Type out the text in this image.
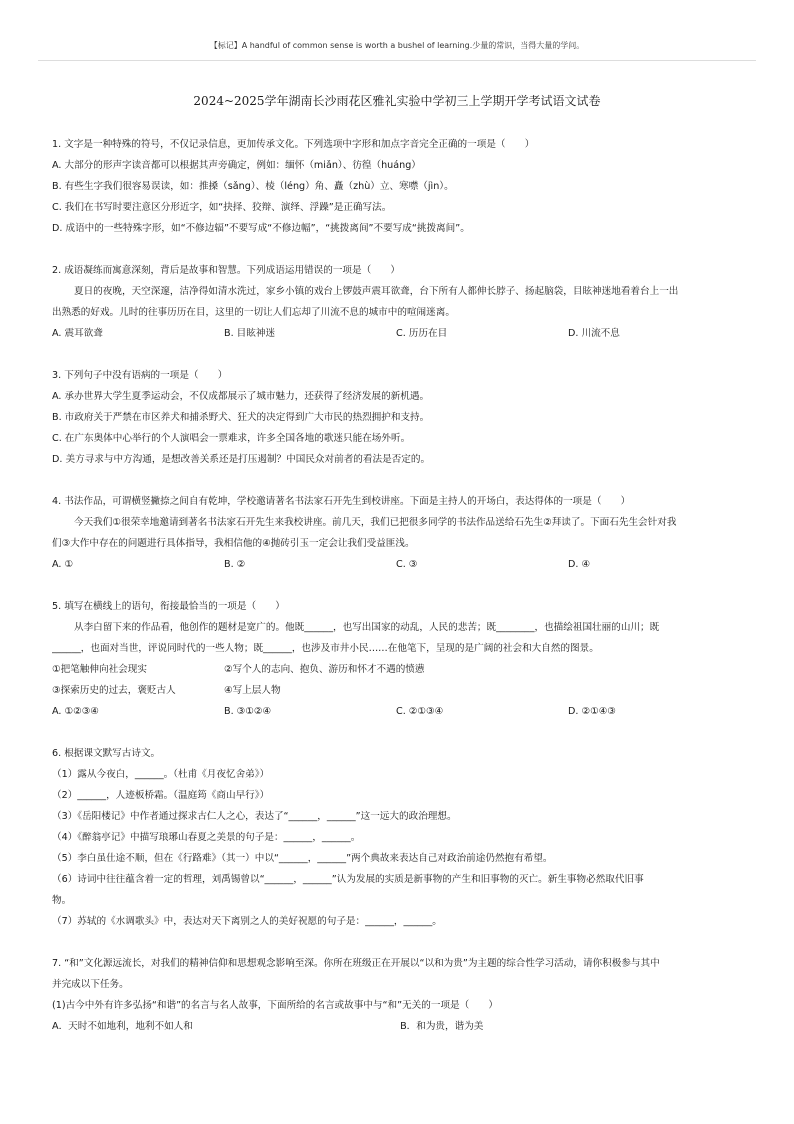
【标记】A handful of common sense is worth a bushel of learning.少量的常识，当得大量的学问。
2024~2025学年湖南长沙雨花区雅礼实验中学初三上学期开学考试语文试卷
1. 文字是一种特殊的符号，不仅记录信息，更加传承文化。下列选项中字形和加点字音完全正确的一项是（　　）
A. 大部分的形声字读音都可以根据其声旁确定，例如：缅怀（miǎn）、彷徨（huáng）
B. 有些生字我们很容易误读，如：推搡（sǎng）、棱（léng）角、矗（zhù）立、寒噤（jìn）。
C. 我们在书写时要注意区分形近字，如“抉择、狡辩、演绎、浮躁”是正确写法。
D. 成语中的一些特殊字形，如“不修边辐”不要写成“不修边幅”，“挑拨离间”不要写成“挑拨离间”。
2. 成语凝练而寓意深刻，背后是故事和智慧。下列成语运用错误的一项是（　　）
夏日的夜晚，天空深邃，洁净得如清水洗过，家乡小镇的戏台上锣鼓声震耳欲聋，台下所有人都伸长脖子、扬起脑袋，目眩神迷地看着台上一出
出熟悉的好戏。儿时的往事历历在目，这里的一切让人们忘却了川流不息的城市中的喧闹迷离。
A. 震耳欲聋	B. 目眩神迷	C. 历历在目	D. 川流不息
3. 下列句子中没有语病的一项是（　　）
A. 承办世界大学生夏季运动会，不仅成都展示了城市魅力，还获得了经济发展的新机遇。
B. 市政府关于严禁在市区养犬和捕杀野犬、狂犬的决定得到广大市民的热烈拥护和支持。
C. 在广东奥体中心举行的个人演唱会一票难求，许多全国各地的歌迷只能在场外听。
D. 美方寻求与中方沟通，是想改善关系还是打压遏制？中国民众对前者的看法是否定的。
4. 书法作品，可谓横竖撇捺之间自有乾坤，学校邀请著名书法家石开先生到校讲座。下面是主持人的开场白，表达得体的一项是（　　）
今天我们①很荣幸地邀请到著名书法家石开先生来我校讲座。前几天，我们已把很多同学的书法作品送给石先生②拜读了。下面石先生会针对我
们③大作中存在的问题进行具体指导，我相信他的④抛砖引玉一定会让我们受益匪浅。
A. ①	B. ②	C. ③	D. ④
5. 填写在横线上的语句，衔接最恰当的一项是（　　）
从李白留下来的作品看，他创作的题材是宽广的。他既______，也写出国家的动乱，人民的悲苦；既________，也描绘祖国壮丽的山川；既
______，也面对当世，评说同时代的一些人物；既______，也涉及市井小民……在他笔下，呈现的是广阔的社会和大自然的图景。
①把笔触伸向社会现实	②写个人的志向、抱负、游历和怀才不遇的愤懑
③探索历史的过去，褒贬古人	④写上层人物
A. ①②③④	B. ③①②④	C. ②①③④	D. ②①④③
6. 根据课文默写古诗文。
（1）露从今夜白，______。（杜甫《月夜忆舍弟》）
（2）______，人迹板桥霜。（温庭筠《商山早行》）
（3）《岳阳楼记》中作者通过探求古仁人之心，表达了“______，______”这一远大的政治理想。
（4）《醉翁亭记》中描写琅琊山春夏之美景的句子是：______，______。
（5）李白虽仕途不顺，但在《行路难》（其一）中以“______，______”两个典故来表达自己对政治前途仍然抱有希望。
（6）诗词中往往蕴含着一定的哲理，刘禹锡曾以“______，______”认为发展的实质是新事物的产生和旧事物的灭亡。新生事物必然取代旧事
物。
（7）苏轼的《水调歌头》中，表达对天下离别之人的美好祝愿的句子是：______，______。
7. “和”文化源远流长，对我们的精神信仰和思想观念影响至深。你所在班级正在开展以“以和为贵”为主题的综合性学习活动，请你积极参与其中
并完成以下任务。
(1)古今中外有许多弘扬“和谐”的名言与名人故事，下面所给的名言或故事中与“和”无关的一项是（　　）
A．天时不如地利，地利不如人和	B．和为贵，谐为美
